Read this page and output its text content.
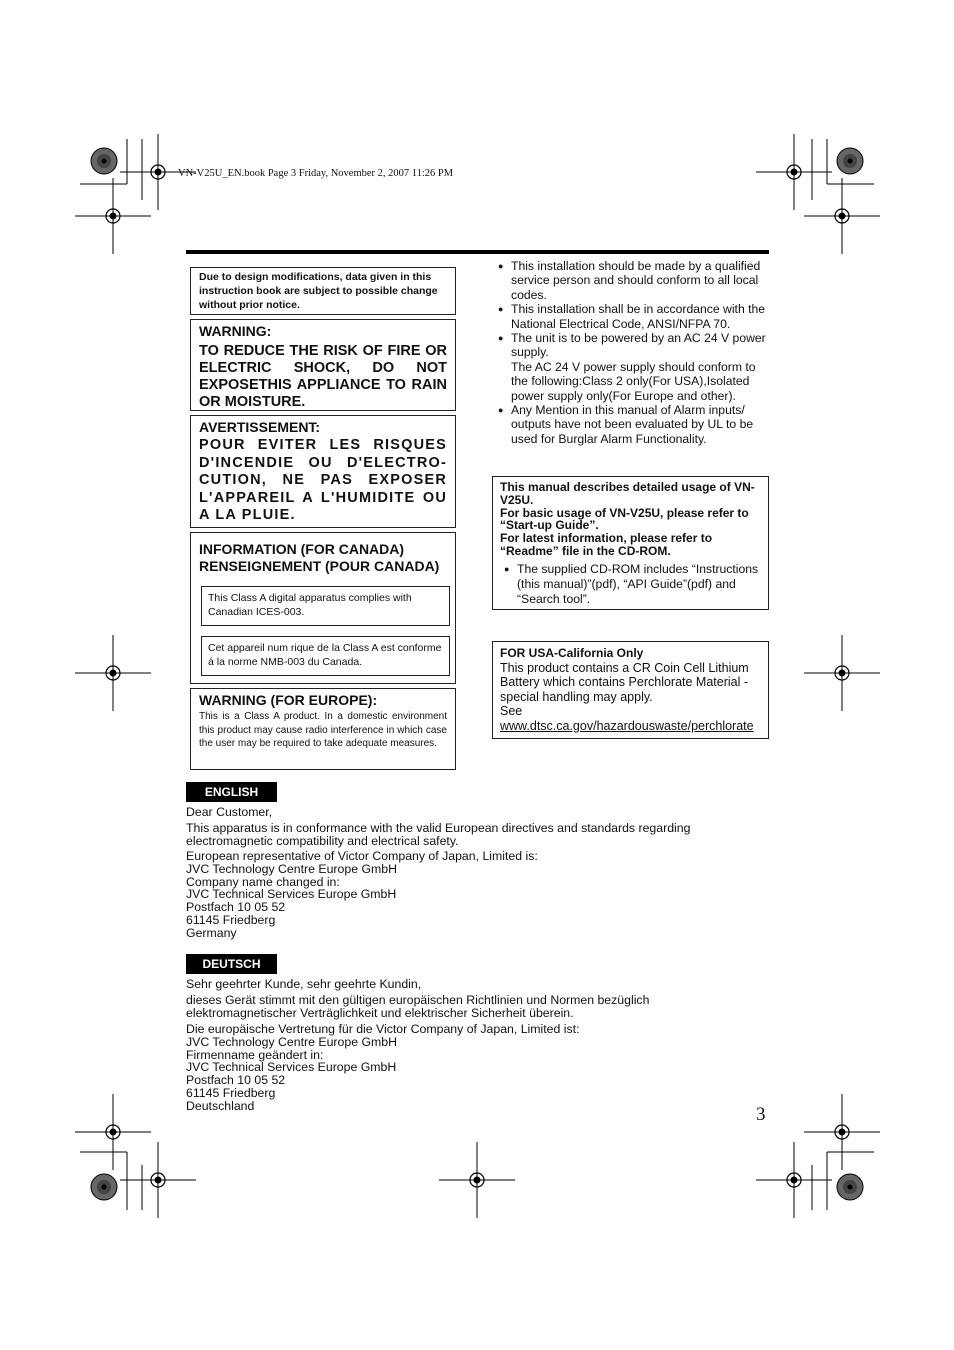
VN-V25U_EN.book Page 3 Friday, November 2, 2007 11:26 PM
Due to design modifications, data given in this instruction book are subject to possible change without prior notice.

WARNING:

TO REDUCE THE RISK OF FIRE OR ELECTRIC SHOCK, DO NOT EXPOSETHIS APPLIANCE TO RAIN OR MOISTURE.

AVERTISSEMENT:

POUR EVITER LES RISQUES D'INCENDIE OU D'ELECTRO-CUTION, NE PAS EXPOSER L'APPAREIL A L'HUMIDITE OU A LA PLUIE.

INFORMATION (FOR CANADA)
RENSEIGNEMENT (POUR CANADA)
This Class A digital apparatus complies with Canadian ICES-003.
Cet appareil num rique de la Class A est conforme á la norme NMB-003 du Canada.

WARNING (FOR EUROPE):

This is a Class A product. In a domestic environment this product may cause radio interference in which case the user may be required to take adequate measures.

● This installation should be made by a qualified service person and should conform to all local codes.
● This installation shall be in accordance with the National Electrical Code, ANSI/NFPA 70.
● The unit is to be powered by an AC 24 V power supply.
The AC 24 V power supply should conform to the following:Class 2 only(For USA),Isolated power supply only(For Europe and other).
● Any Mention in this manual of Alarm inputs/ outputs have not been evaluated by UL to be used for Burglar Alarm Functionality.
This manual describes detailed usage of VN-V25U.
For basic usage of VN-V25U, please refer to “Start-up Guide”.
For latest information, please refer to “Readme” file in the CD-ROM.
● The supplied CD-ROM includes “Instructions (this manual)”(pdf), “API Guide”(pdf) and “Search tool”.
FOR USA-California Only
This product contains a CR Coin Cell Lithium Battery which contains Perchlorate Material - special handling may apply.
See
www.dtsc.ca.gov/hazardouswaste/perchlorate
ENGLISH
Dear Customer,
This apparatus is in conformance with the valid European directives and standards regarding electromagnetic compatibility and electrical safety.
European representative of Victor Company of Japan, Limited is:
JVC Technology Centre Europe GmbH
Company name changed in:
JVC Technical Services Europe GmbH
Postfach 10 05 52
61145 Friedberg
Germany
DEUTSCH
Sehr geehrter Kunde, sehr geehrte Kundin,
dieses Gerät stimmt mit den gültigen europäischen Richtlinien und Normen bezüglich elektromagnetischer Verträglichkeit und elektrischer Sicherheit überein.
Die europäische Vertretung für die Victor Company of Japan, Limited ist:
JVC Technology Centre Europe GmbH
Firmenname geändert in:
JVC Technical Services Europe GmbH
Postfach 10 05 52
61145 Friedberg
Deutschland	3
